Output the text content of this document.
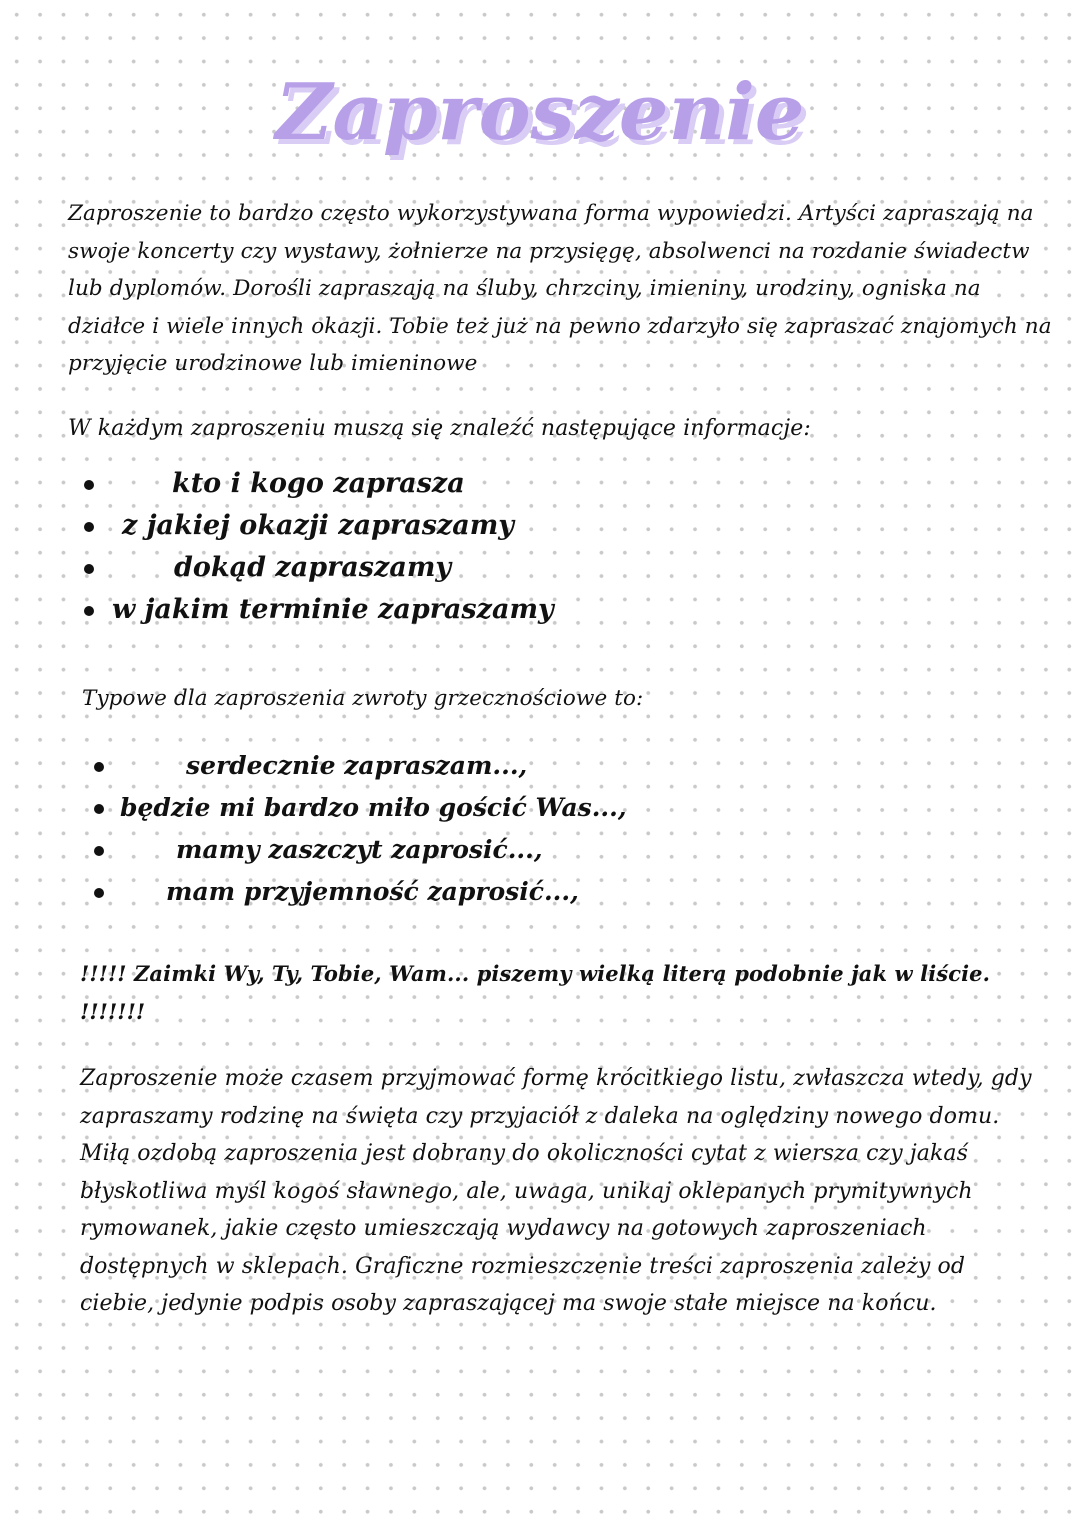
Zaproszenie

Zaproszenie to bardzo często wykorzystywana forma wypowiedzi. Artyści zapraszają na swoje koncerty czy wystawy, żołnierze na przysięgę, absolwenci na rozdanie świadectw lub dyplomów. Dorośli zapraszają na śluby, chrzciny, imieniny, urodziny, ogniska na działce i wiele innych okazji. Tobie też już na pewno zdarzyło się zapraszać znajomych na przyjęcie urodzinowe lub imieninowe

W każdym zaproszeniu muszą się znaleźć następujące informacje:

kto i kogo zaprasza
z jakiej okazji zapraszamy
dokąd zapraszamy
w jakim terminie zapraszamy

Typowe dla zaproszenia zwroty grzecznościowe to:

serdecznie zapraszam...,
będzie mi bardzo miło gościć Was...,
mamy zaszczyt zaprosić...,
mam przyjemność zaprosić...,

!!!!! Zaimki Wy, Ty, Tobie, Wam... piszemy wielką literą podobnie jak w liście. !!!!!!!

Zaproszenie może czasem przyjmować formę krócitkiego listu, zwłaszcza wtedy, gdy zapraszamy rodzinę na święta czy przyjaciół z daleka na oględziny nowego domu. Miłą ozdobą zaproszenia jest dobrany do okoliczności cytat z wiersza czy jakaś błyskotliwa myśl kogoś sławnego, ale, uwaga, unikaj oklepanych prymitywnych rymowanek, jakie często umieszczają wydawcy na gotowych zaproszeniach dostępnych w sklepach. Graficzne rozmieszczenie treści zaproszenia zależy od ciebie, jedynie podpis osoby zapraszającej ma swoje stałe miejsce na końcu.
